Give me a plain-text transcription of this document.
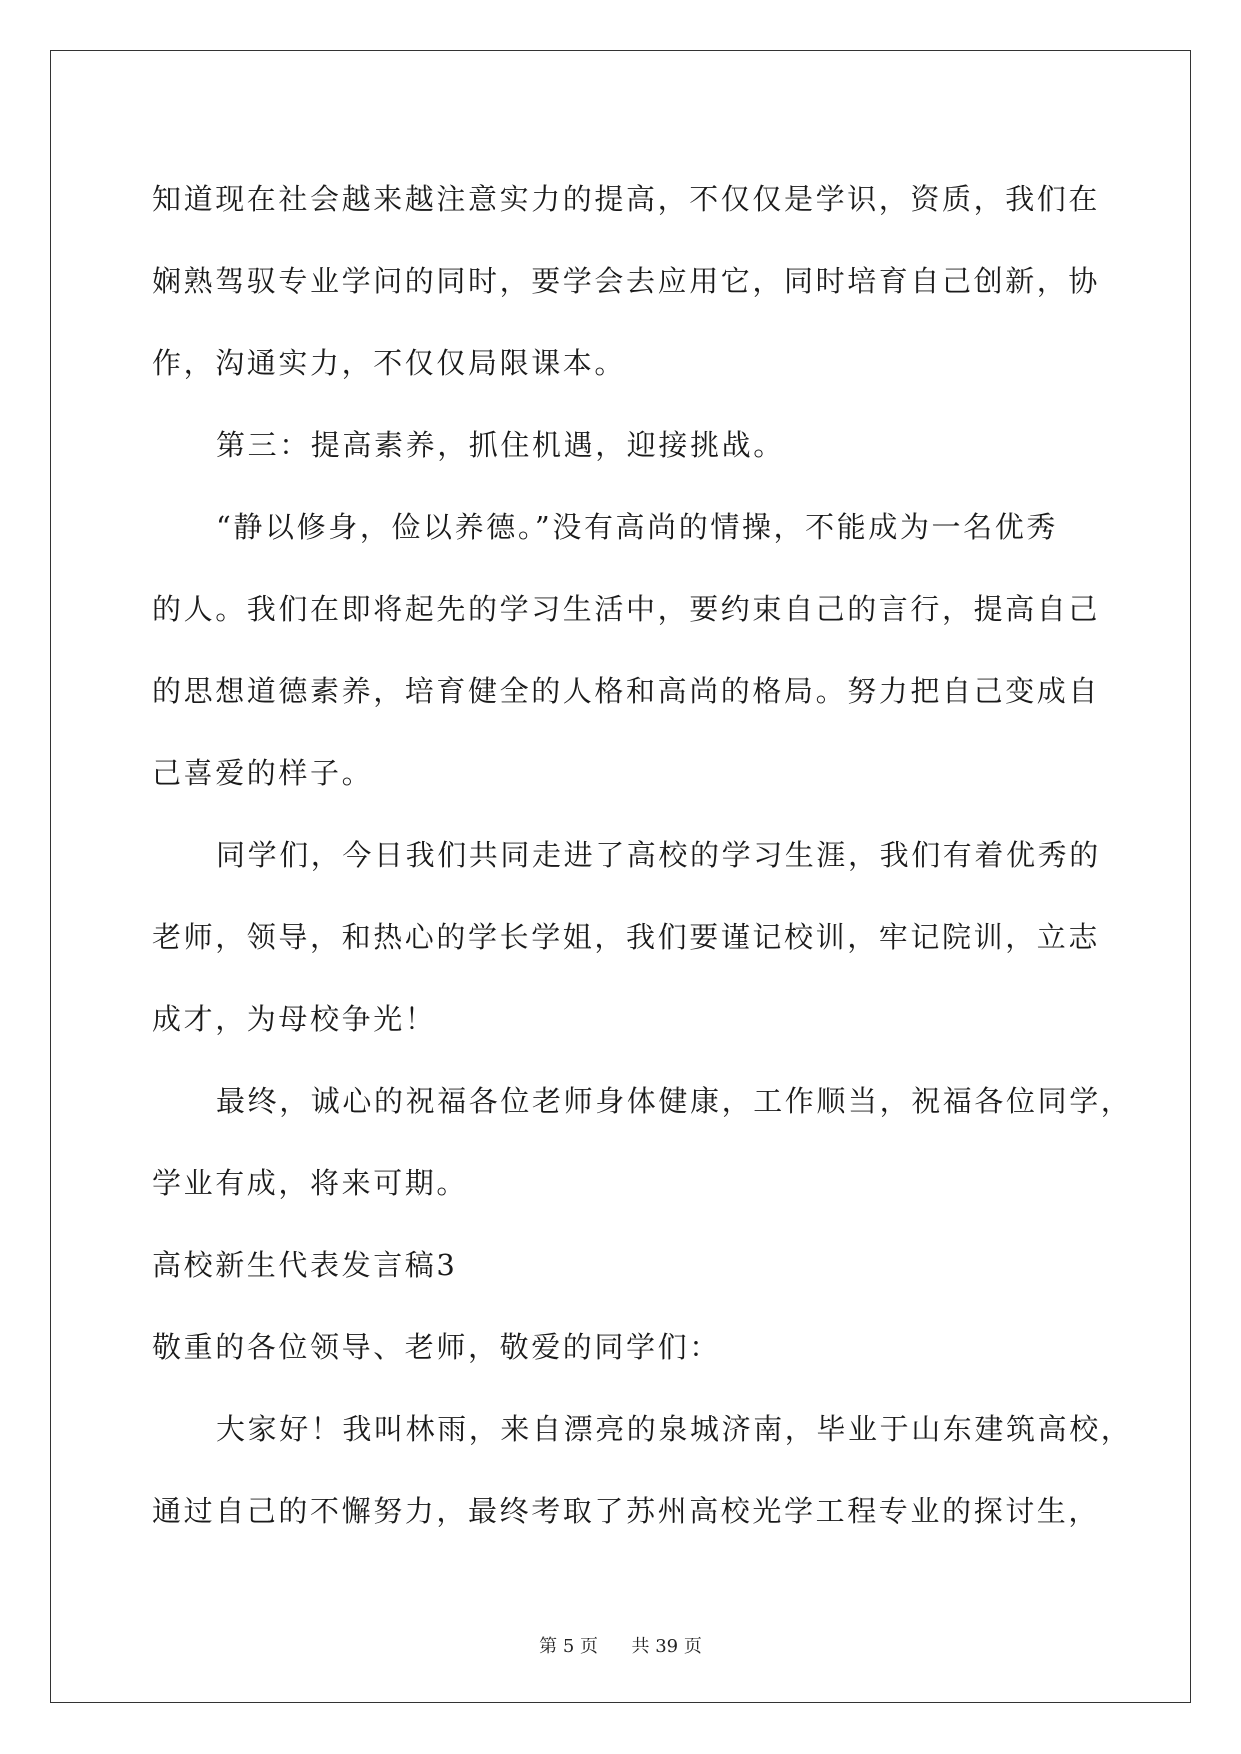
知道现在社会越来越注意实力的提高，不仅仅是学识，资质，我们在
娴熟驾驭专业学问的同时，要学会去应用它，同时培育自己创新，协
作，沟通实力，不仅仅局限课本。
第三：提高素养，抓住机遇，迎接挑战。
“静以修身，俭以养德。”没有高尚的情操，不能成为一名优秀
的人。我们在即将起先的学习生活中，要约束自己的言行，提高自己
的思想道德素养，培育健全的人格和高尚的格局。努力把自己变成自
己喜爱的样子。
同学们，今日我们共同走进了高校的学习生涯，我们有着优秀的
老师，领导，和热心的学长学姐，我们要谨记校训，牢记院训，立志
成才，为母校争光！
最终，诚心的祝福各位老师身体健康，工作顺当，祝福各位同学，
学业有成，将来可期。
高校新生代表发言稿3
敬重的各位领导、老师，敬爱的同学们：
大家好！我叫林雨，来自漂亮的泉城济南，毕业于山东建筑高校，
通过自己的不懈努力，最终考取了苏州高校光学工程专业的探讨生，
第 5 页 共 39 页
